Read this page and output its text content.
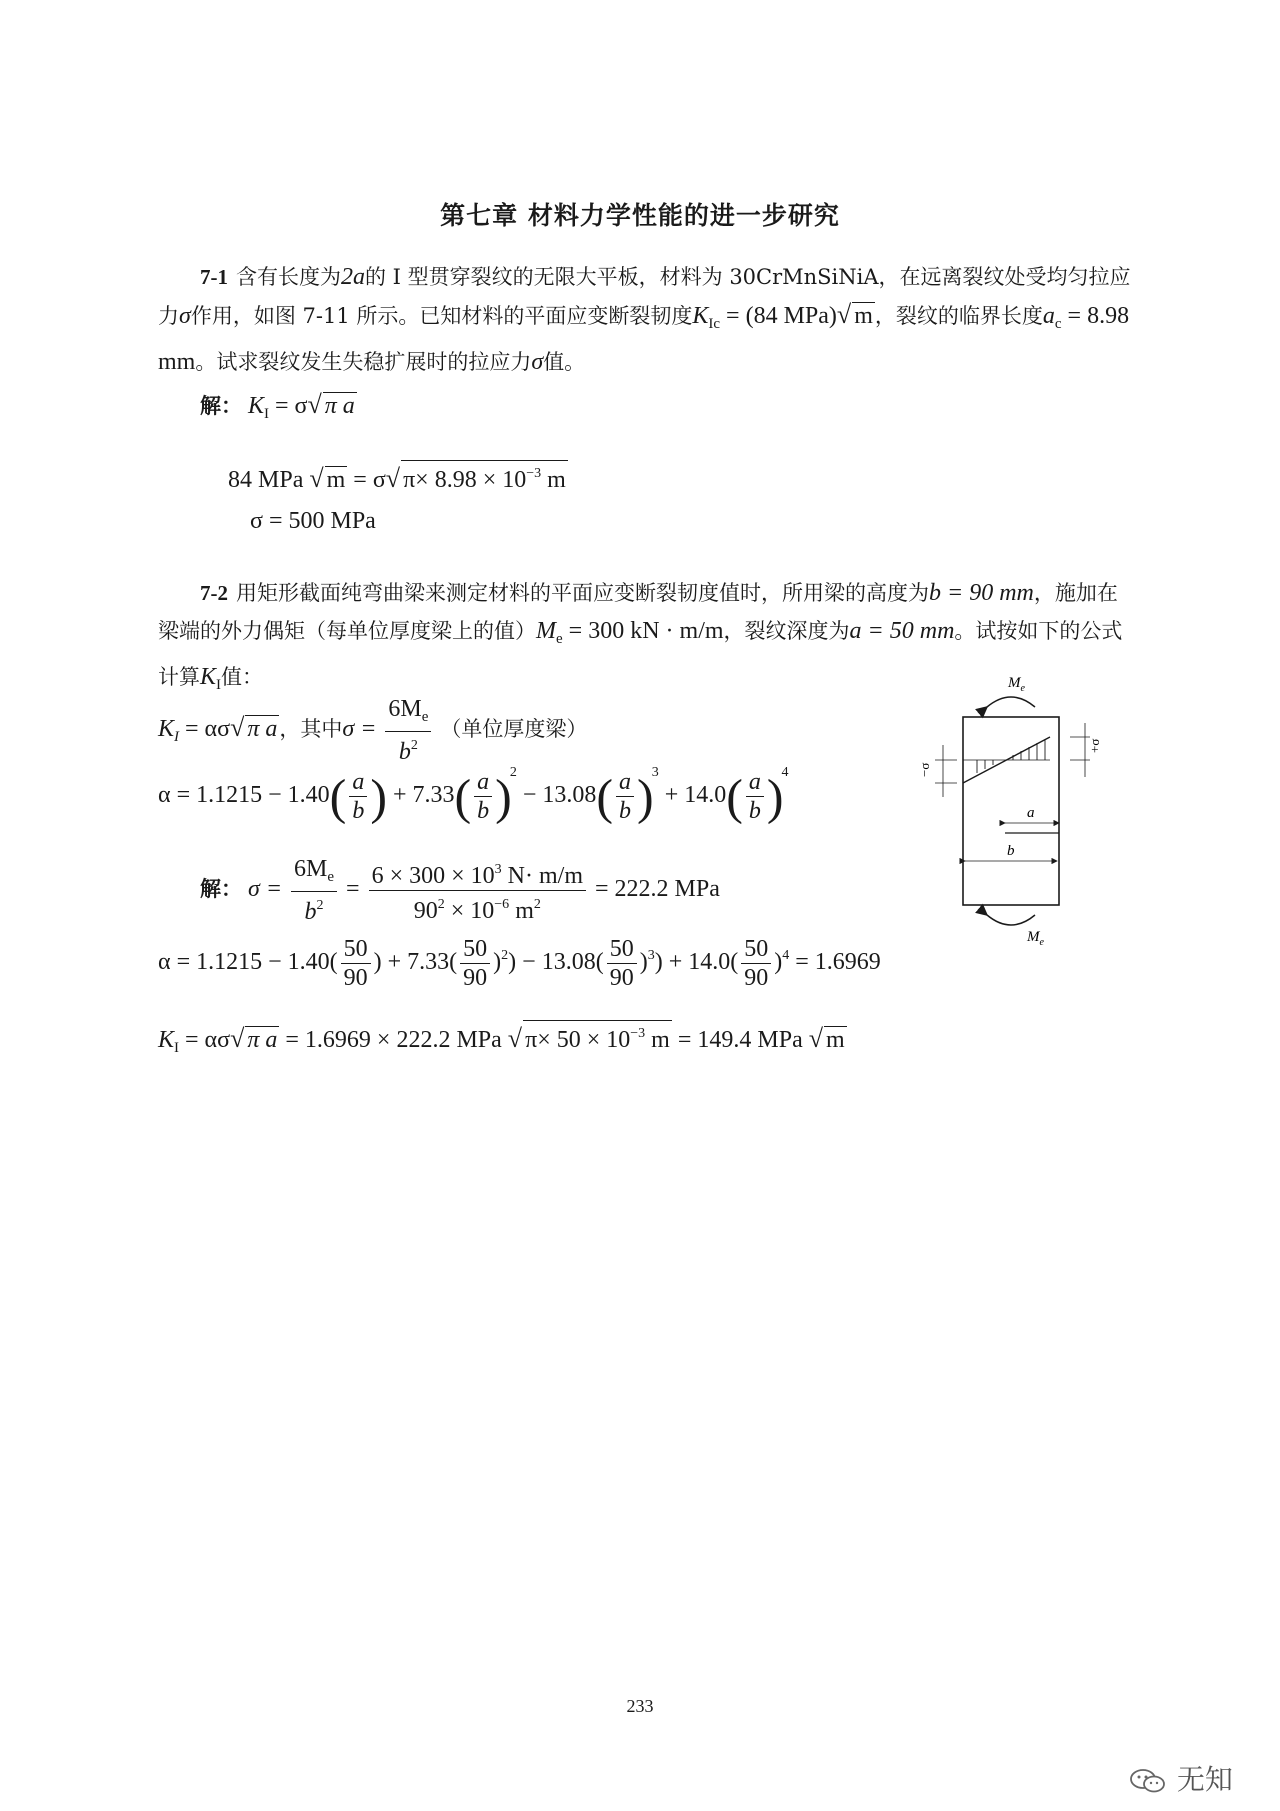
第七章 材料力学性能的进一步研究
7-1 含有长度为2a的 I 型贯穿裂纹的无限大平板，材料为 30CrMnSiNiA，在远离裂纹处受均匀拉应力σ作用，如图 7-11 所示。已知材料的平面应变断裂韧度$K_{Ic} = (84$ MPa)√ m，裂纹的临界长度$a_c = 8.98$ mm。试求裂纹发生失稳扩展时的拉应力σ值。
解： $K_I = \sigma√$ π a
84 MPa √ m = σ√ $\pi\times 8.98 \times 10^{-3}$ m
σ = 500 MPa
7-2 用矩形截面纯弯曲梁来测定材料的平面应变断裂韧度值时，所用梁的高度为b = 90 mm，施加在梁端的外力偶矩（每单位厚度梁上的值）$M_e = 300$ kN · m/m，裂纹深度为a = 50 mm。试按如下的公式计算$K_I$值：
$K_I = \alpha\sigma√$ π a，其中$\sigma = \frac{6M_e}{b^2}$ （单位厚度梁）
$\alpha = 1.1215 - 1.40( \frac{a}{b}$ ) + $7.33( \frac{a}{b} )^2 - 13.08( \frac{a}{b} )^3 + 14.0( \frac{a}{b} )^4$
解： $\sigma = \frac{6M_e}{b^2} = \frac{6 \times 300 \times 10^3 N\cdot m/m}{90^2 \times 10^{-6} m^2} = 222.2$ MPa
$\alpha = 1.1215 - 1.40( \frac{50}{90}$ ) + $7.33( \frac{50}{90} )^2) - 13.08( \frac{50}{90} )^3) + 14.0( \frac{50}{90} )^4 = 1.6969$
$K_I = \alpha\sigma√$ π a = 1.6969 × 222.2 MPa √ $\pi\times 50 \times 10^{-3}$ m = 149.4 MPa √ m
$M_e$
$M_e$
+σ
−σ
a
b
233
无知
